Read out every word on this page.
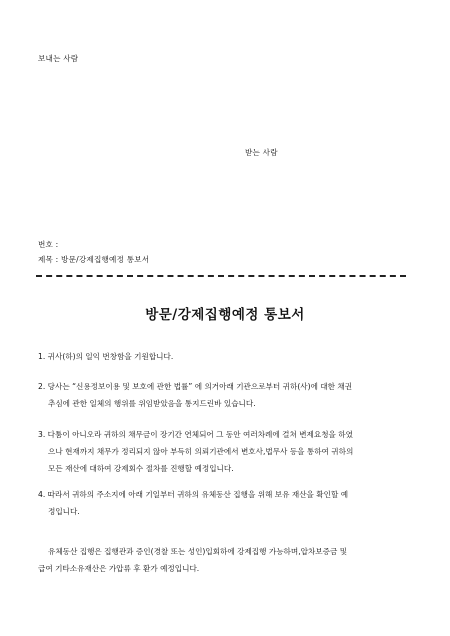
보내는 사람
받는 사람
번호 :
제목 : 방문/강제집행예정 통보서
방문/강제집행예정 통보서
1. 귀사(하)의 일익 번창함을 기원합니다.
2. 당사는 “신용정보이용 및 보호에 관한 법률” 에 의거아래 기관으로부터 귀하(사)에 대한 채권
추심에 관한 일체의 행위를 위임받았음을 통지드린바 있습니다.
3. 다툼이 아니오라 귀하의 채무금이 장기간 연체되어 그 동안 여러차례에 걸쳐 변제요청을 하였
으나 현재까지 채무가 정리되지 않아 부득히 의뢰기관에서 변호사,법무사 등을 통하여 귀하의
모든 재산에 대하여 강제회수 절차를 진행할 예정입니다.
4. 따라서 귀하의 주소지에 아래 기일부터 귀하의 유체동산 집행을 위해 보유 재산을 확인할 예
정입니다.
유체동산 집행은 집행관과 증인(경찰 또는 성인)입회하에 강제집행 가능하며,압차보증금 및
급여 기타소유재산은 가압류 후 환가 예정입니다.
